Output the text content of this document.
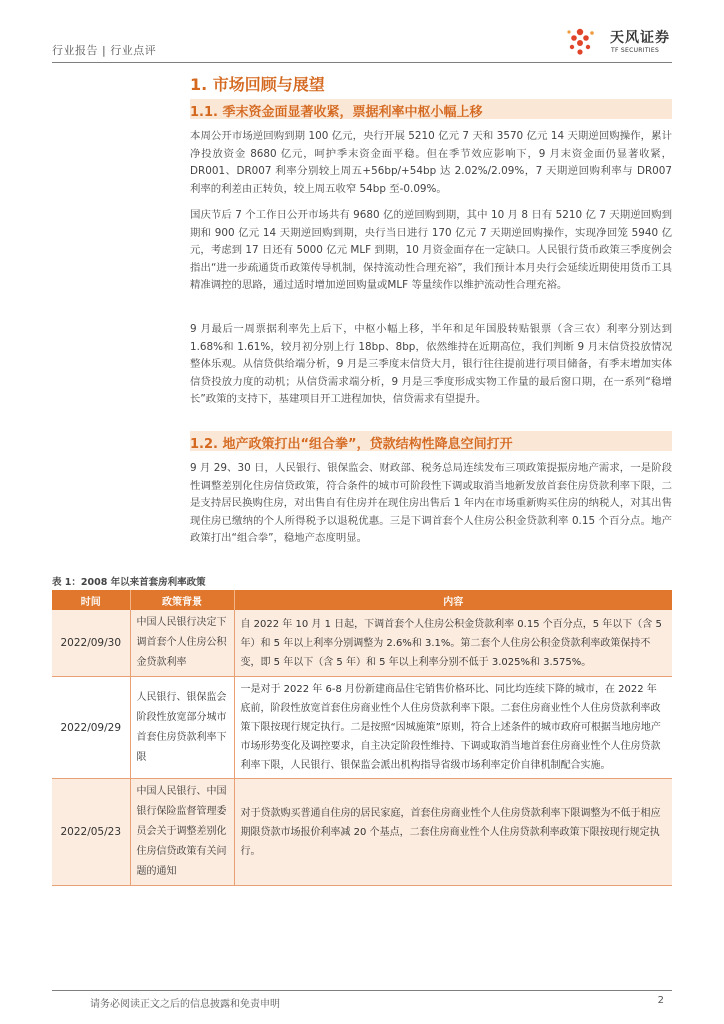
行业报告 | 行业点评
天风证券
TF SECURITIES
1. 市场回顾与展望
1.1. 季末资金面显著收紧，票据利率中枢小幅上移
本周公开市场逆回购到期 100 亿元，央行开展 5210 亿元 7 天和 3570 亿元 14 天期逆回购操作，累计净投放资金 8680 亿元，呵护季末资金面平稳。但在季节效应影响下，9 月末资金面仍显著收紧，DR001、DR007 利率分别较上周五+56bp/+54bp 达 2.02%/2.09%，7 天期逆回购利率与 DR007 利率的利差由正转负，较上周五收窄 54bp 至-0.09%。
国庆节后 7 个工作日公开市场共有 9680 亿的逆回购到期，其中 10 月 8 日有 5210 亿 7 天期逆回购到期和 900 亿元 14 天期逆回购到期，央行当日进行 170 亿元 7 天期逆回购操作，实现净回笼 5940 亿元，考虑到 17 日还有 5000 亿元 MLF 到期，10 月资金面存在一定缺口。人民银行货币政策三季度例会指出“进一步疏通货币政策传导机制，保持流动性合理充裕”，我们预计本月央行会延续近期使用货币工具精准调控的思路，通过适时增加逆回购量或MLF 等量续作以维护流动性合理充裕。
9 月最后一周票据利率先上后下，中枢小幅上移，半年和足年国股转贴银票（含三农）利率分别达到 1.68%和 1.61%，较月初分别上行 18bp、8bp，依然维持在近期高位，我们判断 9 月末信贷投放情况整体乐观。从信贷供给端分析，9 月是三季度末信贷大月，银行往往提前进行项目储备，有季末增加实体信贷投放力度的动机；从信贷需求端分析，9 月是三季度形成实物工作量的最后窗口期，在一系列“稳增长”政策的支持下，基建项目开工进程加快，信贷需求有望提升。
1.2. 地产政策打出“组合拳”，贷款结构性降息空间打开
9 月 29、30 日，人民银行、银保监会、财政部、税务总局连续发布三项政策提振房地产需求，一是阶段性调整差别化住房信贷政策，符合条件的城市可阶段性下调或取消当地新发放首套住房贷款利率下限，二是支持居民换购住房，对出售自有住房并在现住房出售后 1 年内在市场重新购买住房的纳税人，对其出售现住房已缴纳的个人所得税予以退税优惠。三是下调首套个人住房公积金贷款利率 0.15 个百分点。地产政策打出“组合拳”，稳地产态度明显。
表 1：2008 年以来首套房利率政策
时间	政策背景	内容
2022/09/30	中国人民银行决定下调首套个人住房公积金贷款利率	自 2022 年 10 月 1 日起，下调首套个人住房公积金贷款利率 0.15 个百分点，5 年以下（含 5 年）和 5 年以上利率分别调整为 2.6%和 3.1%。第二套个人住房公积金贷款利率政策保持不变，即 5 年以下（含 5 年）和 5 年以上利率分别不低于 3.025%和 3.575%。
2022/09/29	人民银行、银保监会阶段性放宽部分城市首套住房贷款利率下限	一是对于 2022 年 6-8 月份新建商品住宅销售价格环比、同比均连续下降的城市，在 2022 年底前，阶段性放宽首套住房商业性个人住房贷款利率下限。二套住房商业性个人住房贷款利率政策下限按现行规定执行。二是按照“因城施策”原则，符合上述条件的城市政府可根据当地房地产市场形势变化及调控要求，自主决定阶段性维持、下调或取消当地首套住房商业性个人住房贷款利率下限，人民银行、银保监会派出机构指导省级市场利率定价自律机制配合实施。
2022/05/23	中国人民银行、中国银行保险监督管理委员会关于调整差别化住房信贷政策有关问题的通知	对于贷款购买普通自住房的居民家庭，首套住房商业性个人住房贷款利率下限调整为不低于相应期限贷款市场报价利率减 20 个基点，二套住房商业性个人住房贷款利率政策下限按现行规定执行。
请务必阅读正文之后的信息披露和免责申明	2
